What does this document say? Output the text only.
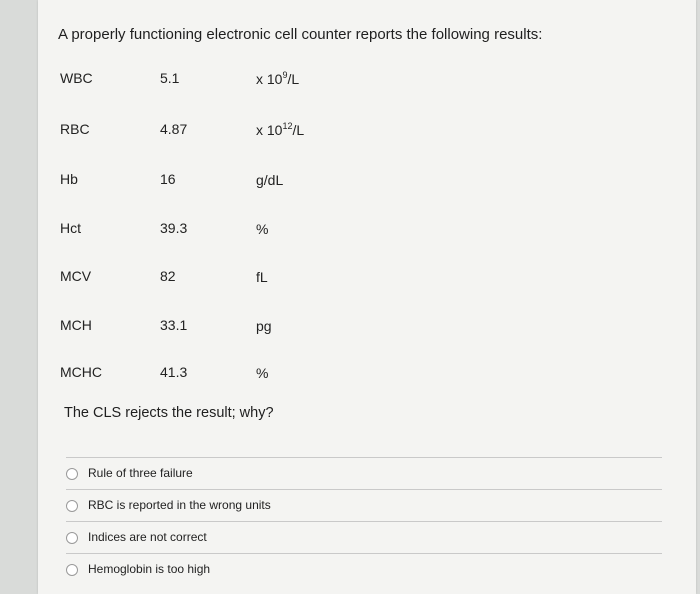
A properly functioning electronic cell counter reports the following results:
WBC	5.1	x $10^9/L$
RBC	4.87	x $10^{12}/L$
Hb	16	g/dL
Hct	39.3	%
MCV	82	fL
MCH	33.1	pg
MCHC	41.3	%
The CLS rejects the result; why?
Rule of three failure
RBC is reported in the wrong units
Indices are not correct
Hemoglobin is too high
